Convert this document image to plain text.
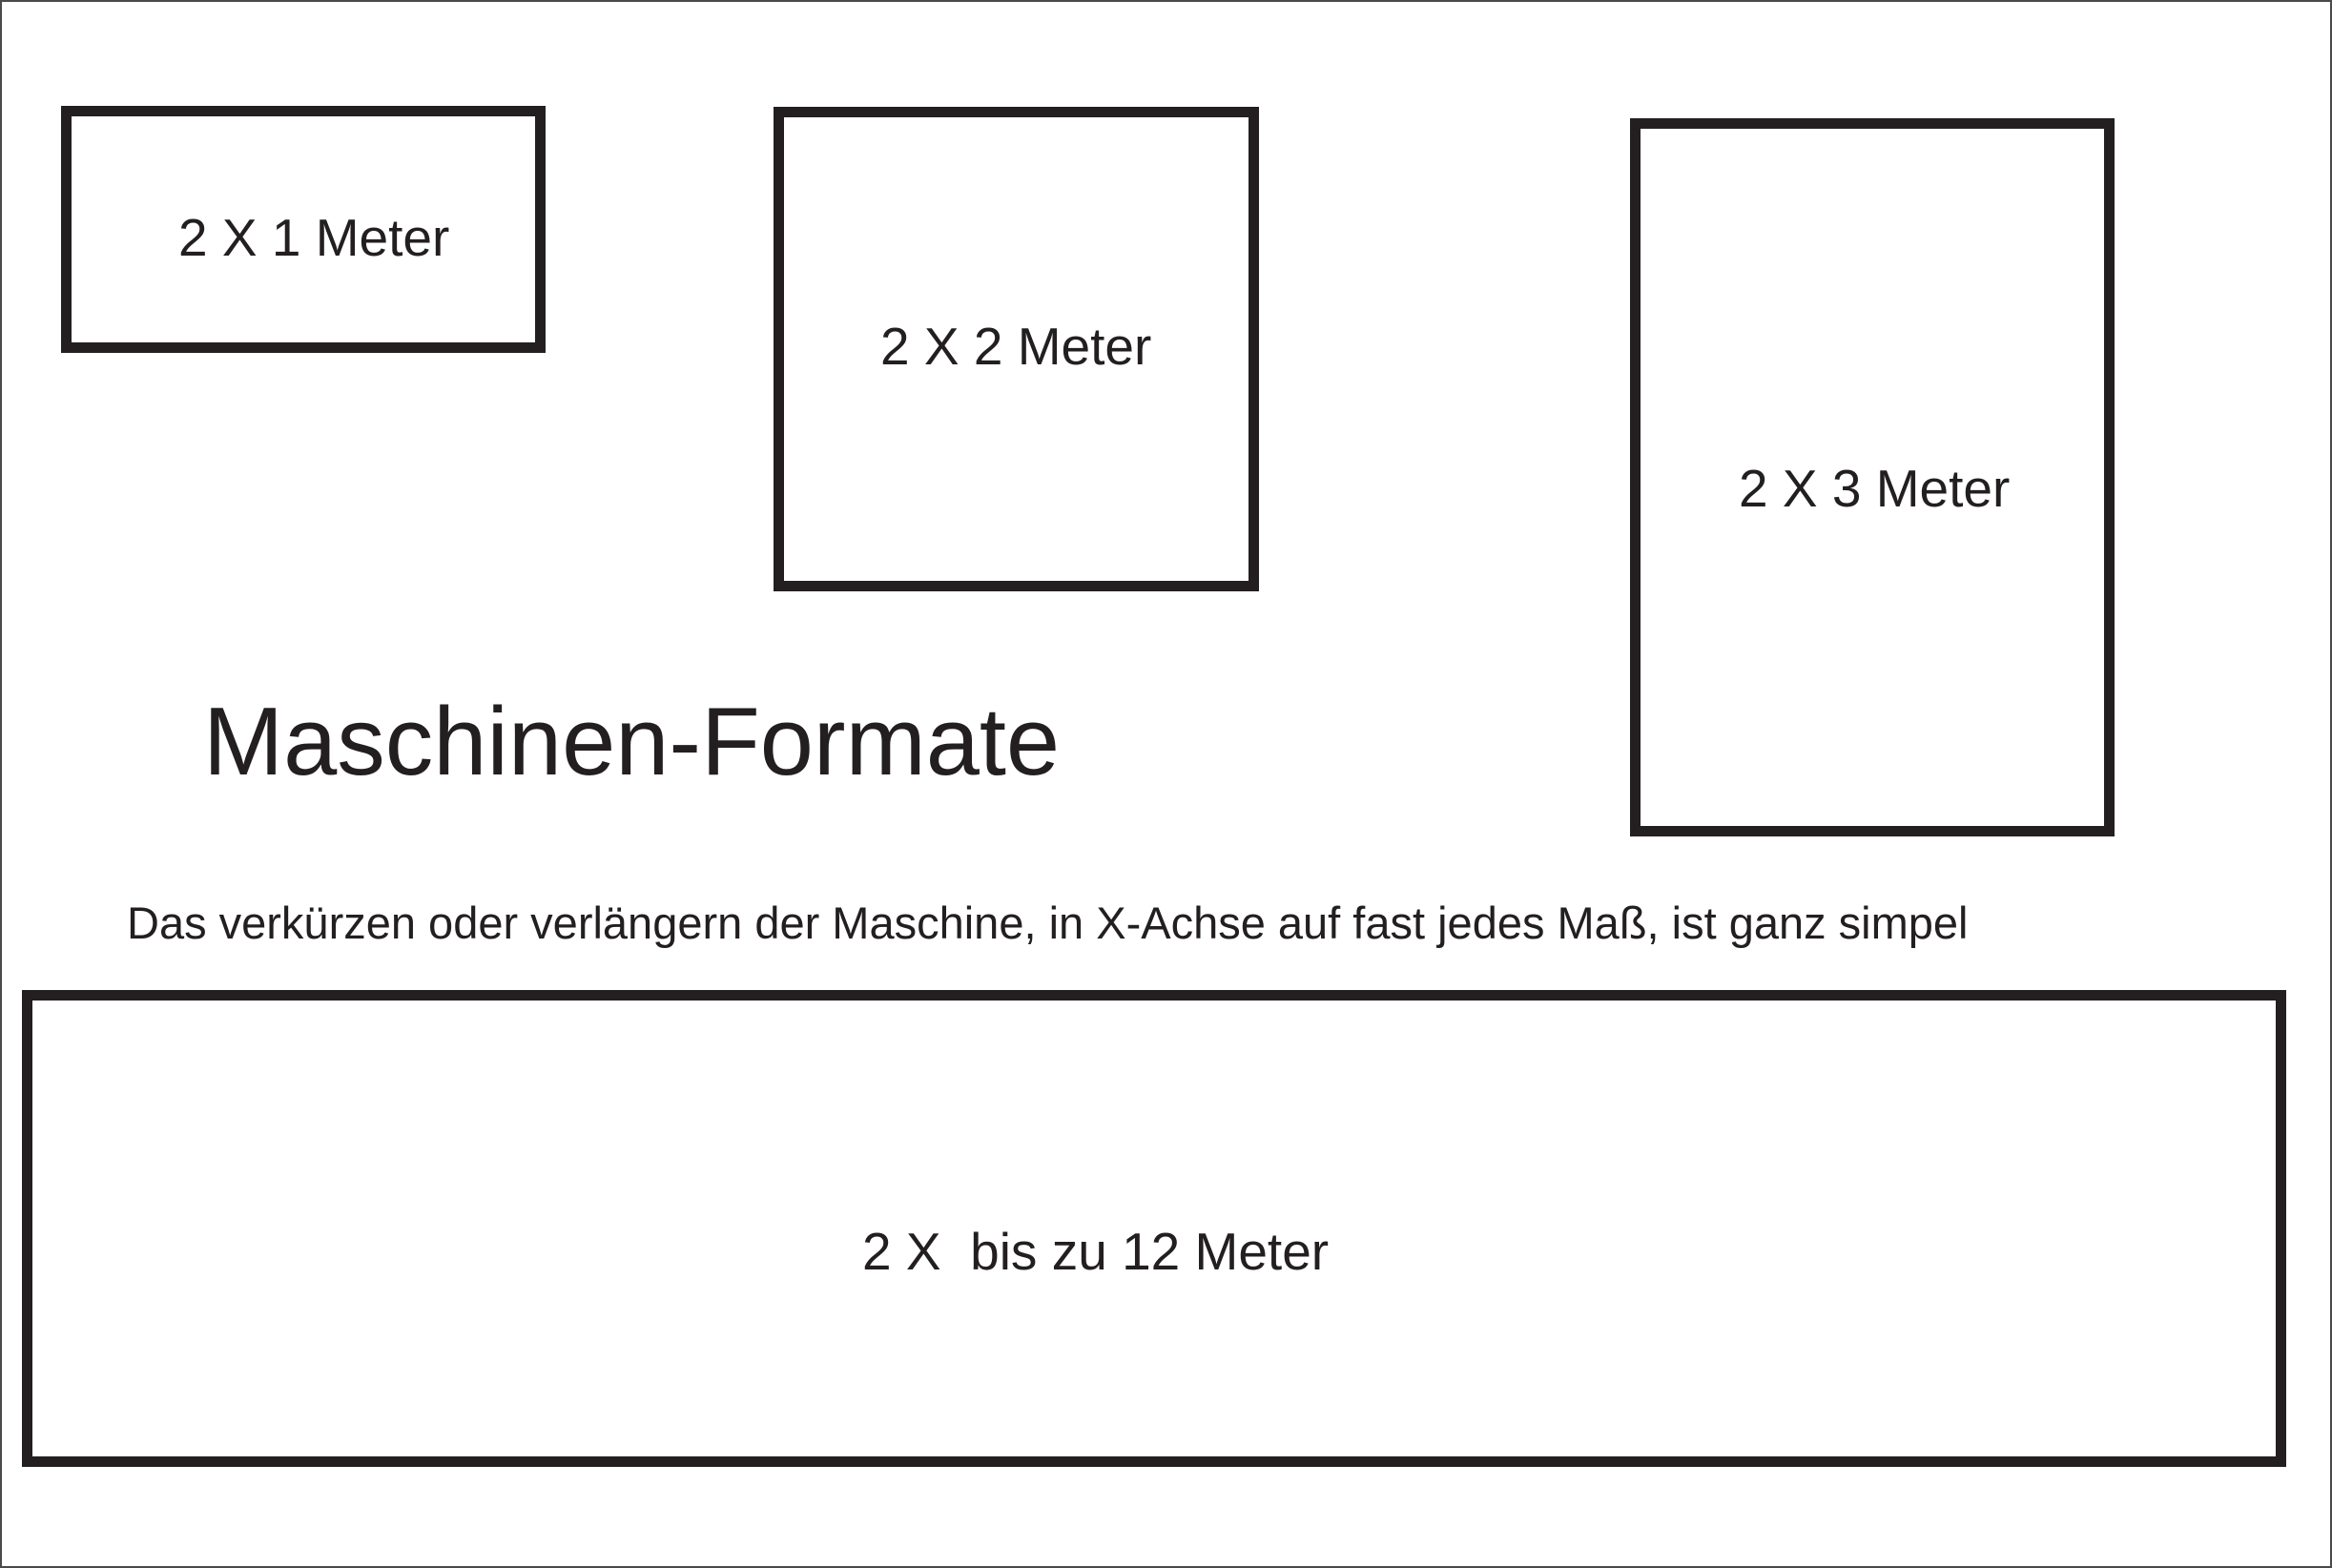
2 X 1 Meter
2 X 2 Meter
2 X 3 Meter
Maschinen-Formate
Das verkürzen oder verlängern der Maschine, in X-Achse auf fast jedes Maß, ist ganz simpel
2 X  bis zu 12 Meter
